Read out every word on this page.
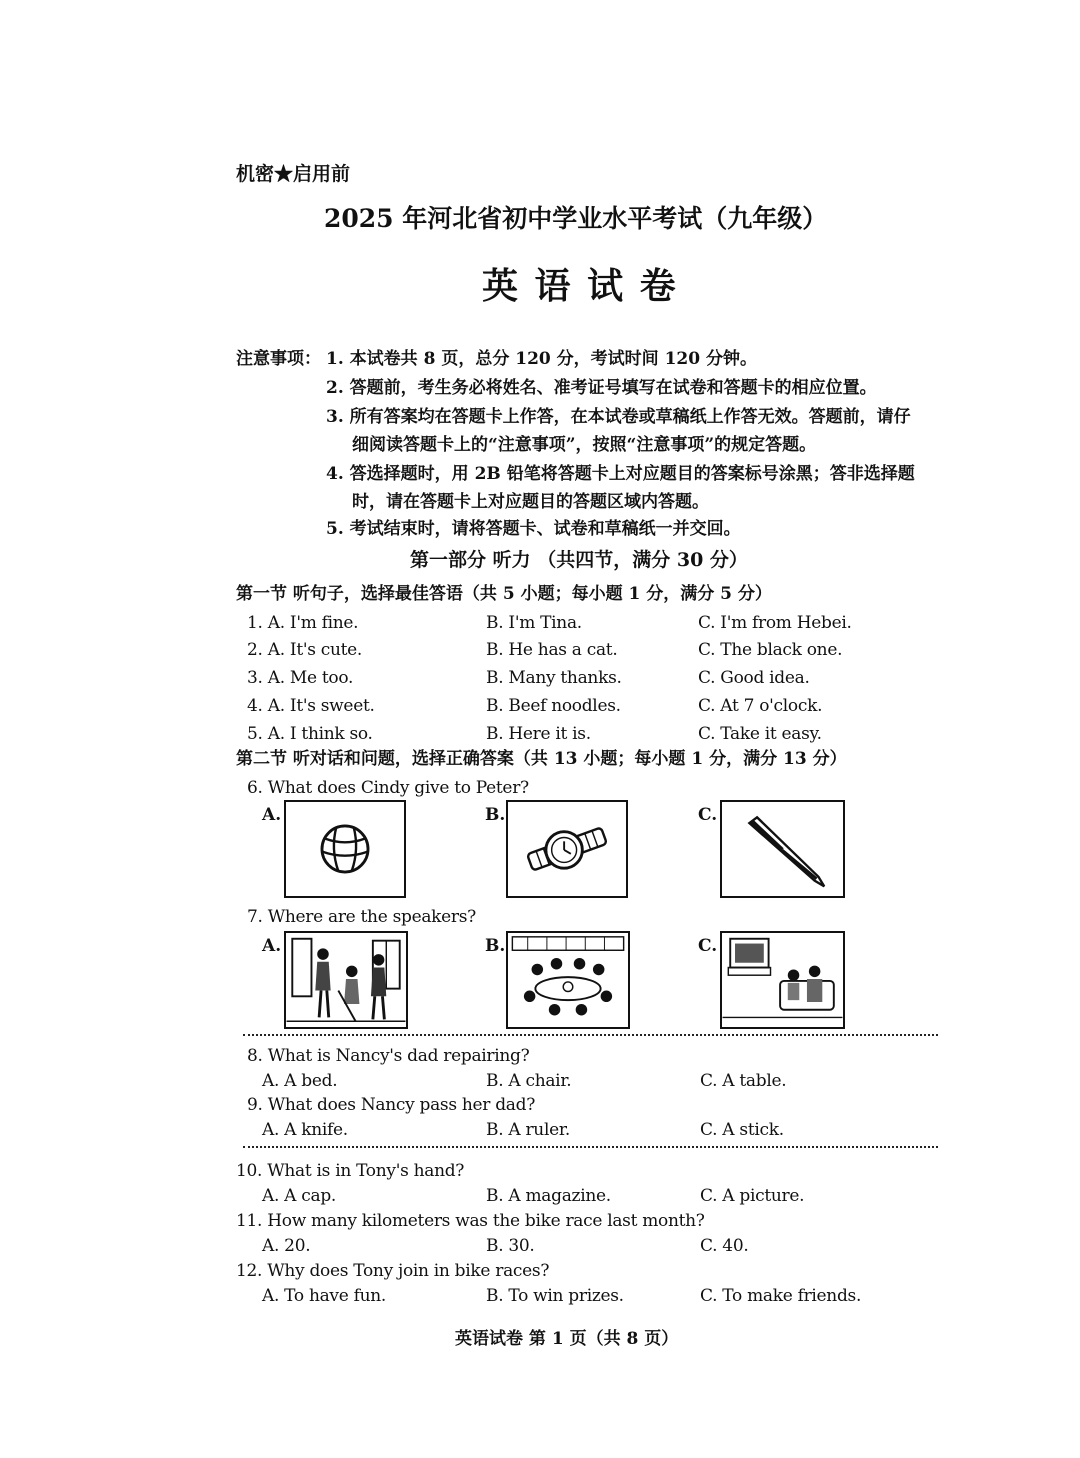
机密★启用前
2025 年河北省初中学业水平考试（九年级）
英 语 试 卷
注意事项： 1. 本试卷共 8 页，总分 120 分，考试时间 120 分钟。
2. 答题前，考生务必将姓名、准考证号填写在试卷和答题卡的相应位置。
3. 所有答案均在答题卡上作答，在本试卷或草稿纸上作答无效。答题前，请仔
细阅读答题卡上的“注意事项”，按照“注意事项”的规定答题。
4. 答选择题时，用 2B 铅笔将答题卡上对应题目的答案标号涂黑；答非选择题
时，请在答题卡上对应题目的答题区域内答题。
5. 考试结束时，请将答题卡、试卷和草稿纸一并交回。
第一部分 听力 （共四节，满分 30 分）
第一节 听句子，选择最佳答语（共 5 小题；每小题 1 分，满分 5 分）
1. A. I'm fine.	B. I'm Tina.	C. I'm from Hebei.
2. A. It's cute.	B. He has a cat.	C. The black one.
3. A. Me too.	B. Many thanks.	C. Good idea.
4. A. It's sweet.	B. Beef noodles.	C. At 7 o'clock.
5. A. I think so.	B. Here it is.	C. Take it easy.
第二节 听对话和问题，选择正确答案（共 13 小题；每小题 1 分，满分 13 分）
6. What does Cindy give to Peter?
A.	B.	C.
7. Where are the speakers?
A.	B.	C.
8. What is Nancy's dad repairing?
A. A bed.	B. A chair.	C. A table.
9. What does Nancy pass her dad?
A. A knife.	B. A ruler.	C. A stick.
10. What is in Tony's hand?
A. A cap.	B. A magazine.	C. A picture.
11. How many kilometers was the bike race last month?
A. 20.	B. 30.	C. 40.
12. Why does Tony join in bike races?
A. To have fun.	B. To win prizes.	C. To make friends.
英语试卷 第 1 页（共 8 页）
